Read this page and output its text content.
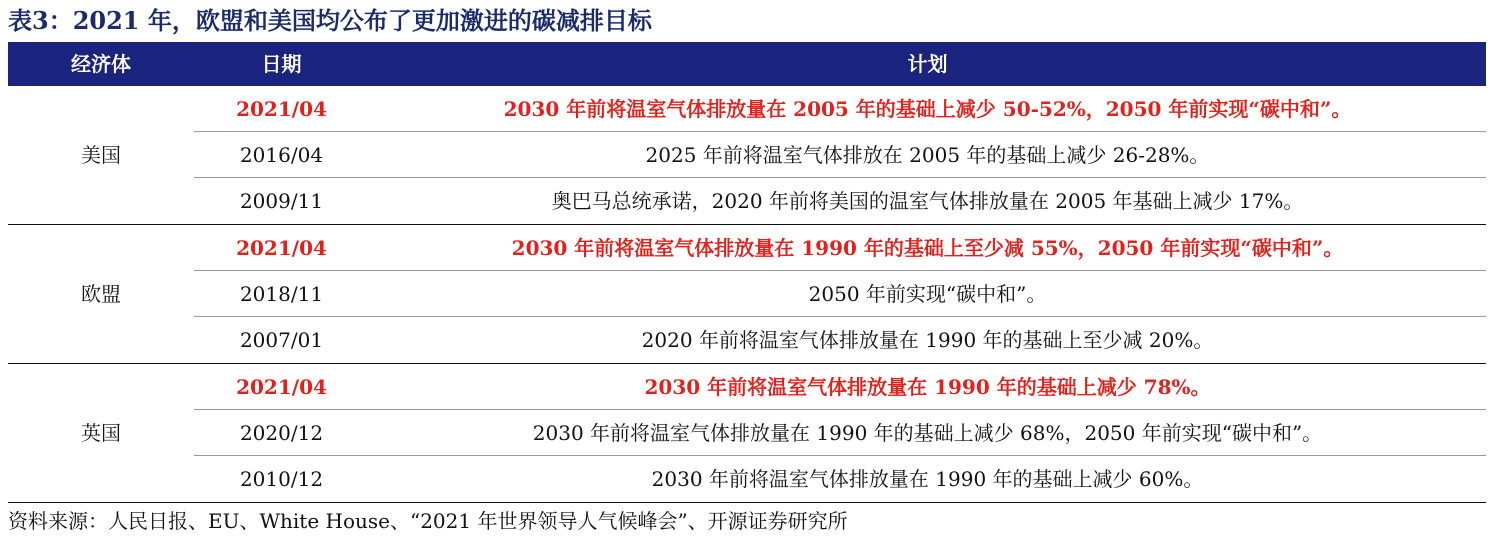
表3：2021 年，欧盟和美国均公布了更加激进的碳减排目标
经济体	日期	计划
美国
2021/04	2030 年前将温室气体排放量在 2005 年的基础上减少 50-52%，2050 年前实现“碳中和”。
2016/04	2025 年前将温室气体排放在 2005 年的基础上减少 26-28%。
2009/11	奥巴马总统承诺，2020 年前将美国的温室气体排放量在 2005 年基础上减少 17%。
欧盟
2021/04	2030 年前将温室气体排放量在 1990 年的基础上至少减 55%，2050 年前实现“碳中和”。
2018/11	2050 年前实现“碳中和”。
2007/01	2020 年前将温室气体排放量在 1990 年的基础上至少减 20%。
英国
2021/04	2030 年前将温室气体排放量在 1990 年的基础上减少 78%。
2020/12	2030 年前将温室气体排放量在 1990 年的基础上减少 68%，2050 年前实现“碳中和”。
2010/12	2030 年前将温室气体排放量在 1990 年的基础上减少 60%。
资料来源：人民日报、EU、White House、“2021 年世界领导人气候峰会”、开源证券研究所
